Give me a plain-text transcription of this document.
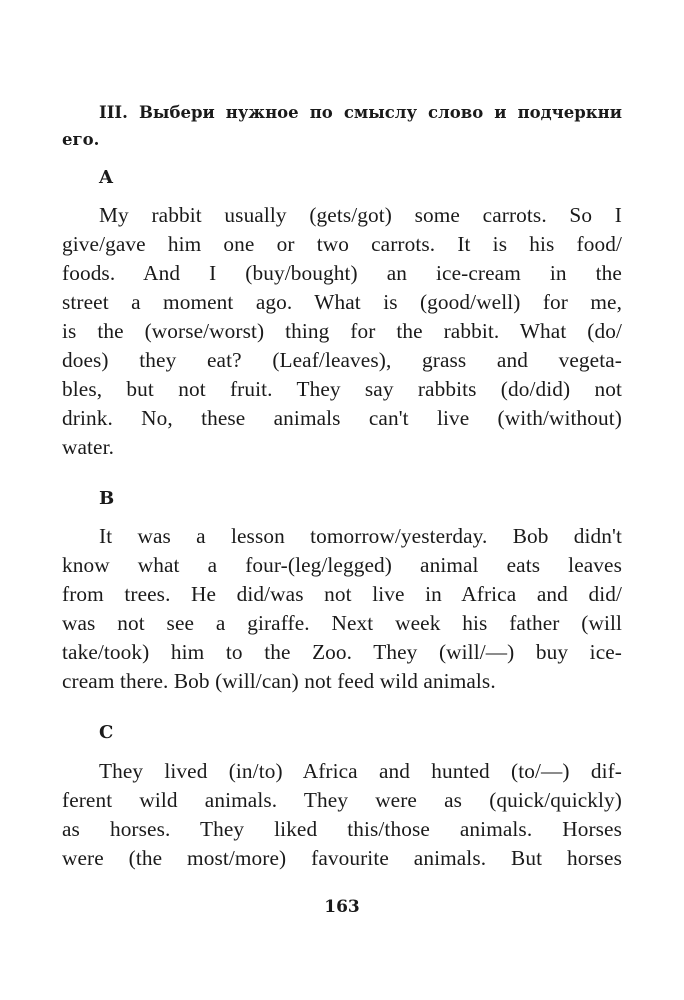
III. Выбери нужное по смыслу слово и подчеркни его.

A

My rabbit usually (gets/got) some carrots. So I
give/gave him one or two carrots. It is his food/
foods. And I (buy/bought) an ice-cream in the
street a moment ago. What is (good/well) for me,
is the (worse/worst) thing for the rabbit. What (do/
does) they eat? (Leaf/leaves), grass and vegeta-
bles, but not fruit. They say rabbits (do/did) not
drink. No, these animals can't live (with/without)
water.

B

It was a lesson tomorrow/yesterday. Bob didn't
know what a four-(leg/legged) animal eats leaves
from trees. He did/was not live in Africa and did/
was not see a giraffe. Next week his father (will
take/took) him to the Zoo. They (will/—) buy ice-
cream there. Bob (will/can) not feed wild animals.

C

They lived (in/to) Africa and hunted (to/—) dif-
ferent wild animals. They were as (quick/quickly)
as horses. They liked this/those animals. Horses
were (the most/more) favourite animals. But horses

163
